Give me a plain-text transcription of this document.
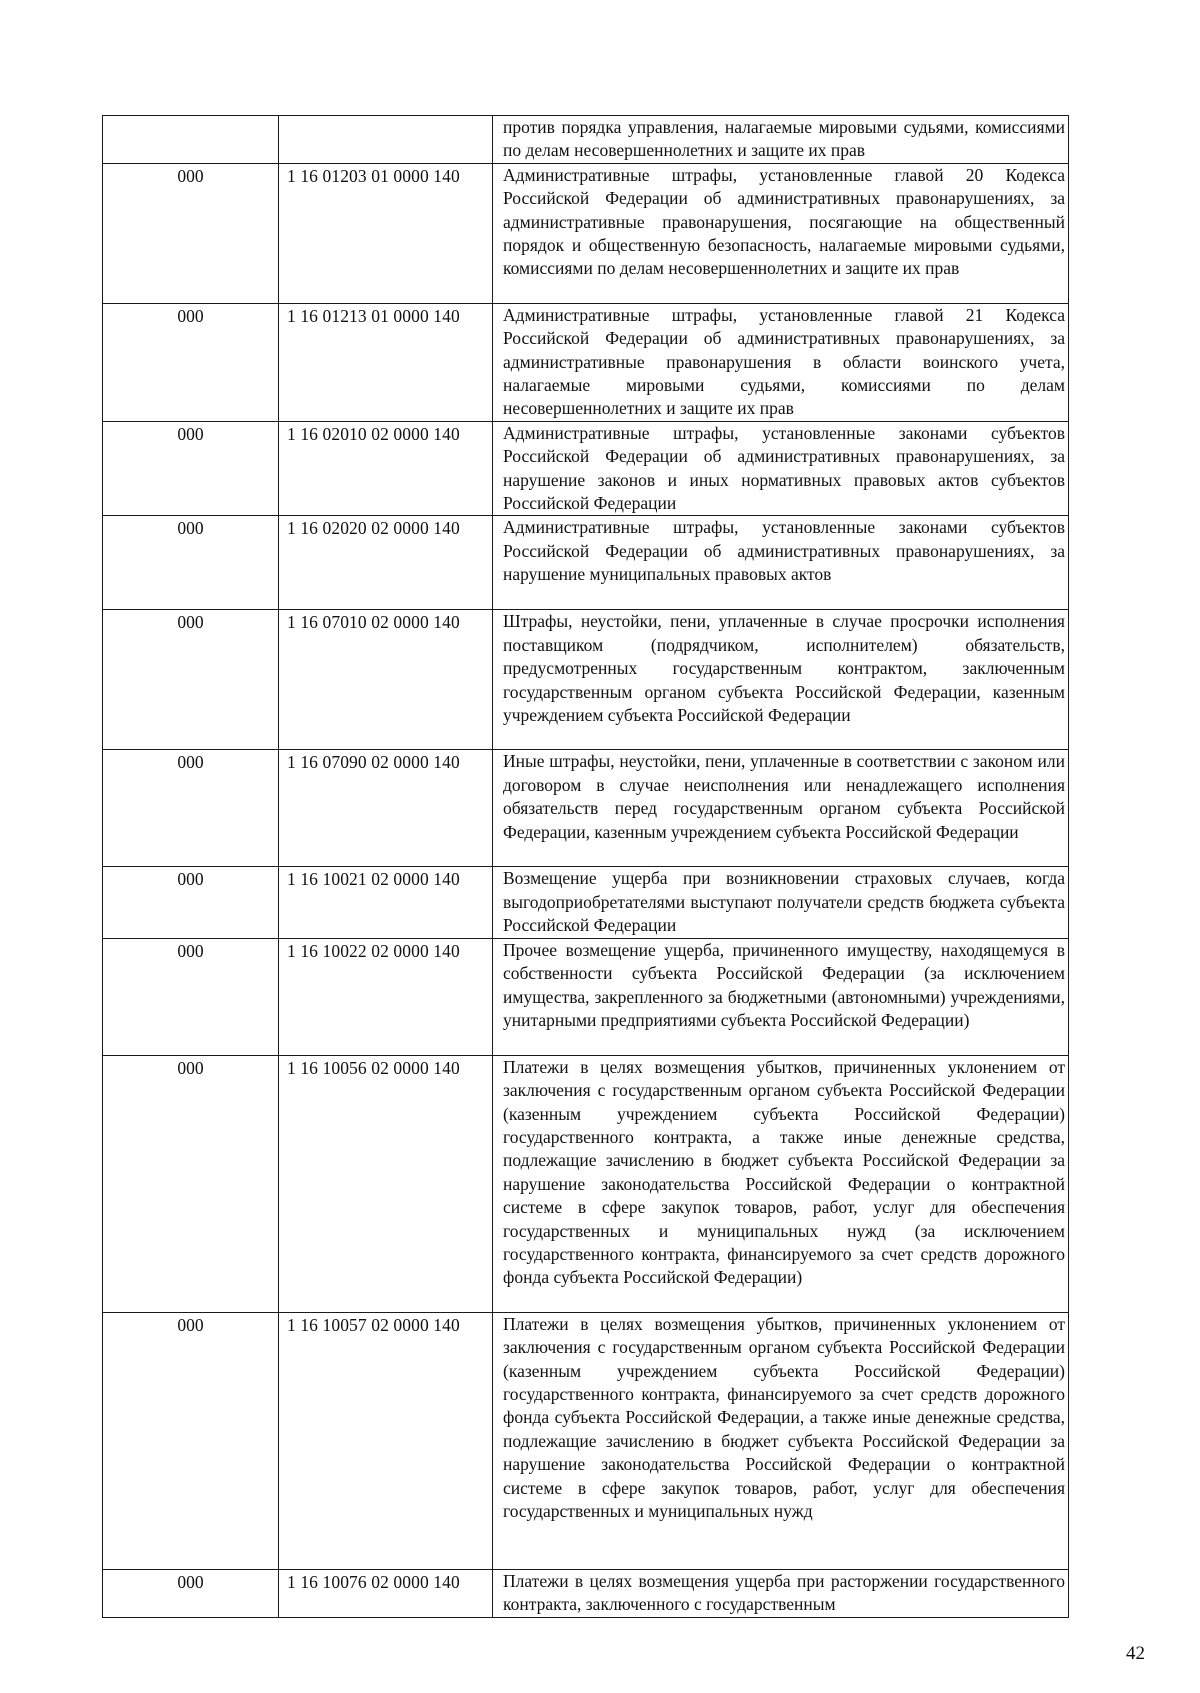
		против порядка управления, налагаемые мировыми судьями, комиссиями по делам несовершеннолетних и защите их прав
000	1 16 01203 01 0000 140	Административные штрафы, установленные главой 20 Кодекса Российской Федерации об административных правонарушениях, за административные правонарушения, посягающие на общественный порядок и общественную безопасность, налагаемые мировыми судьями, комиссиями по делам несовершеннолетних и защите их прав
000	1 16 01213 01 0000 140	Административные штрафы, установленные главой 21 Кодекса Российской Федерации об административных правонарушениях, за административные правонарушения в области воинского учета, налагаемые мировыми судьями, комиссиями по делам несовершеннолетних и защите их прав
000	1 16 02010 02 0000 140	Административные штрафы, установленные законами субъектов Российской Федерации об административных правонарушениях, за нарушение законов и иных нормативных правовых актов субъектов Российской Федерации
000	1 16 02020 02 0000 140	Административные штрафы, установленные законами субъектов Российской Федерации об административных правонарушениях, за нарушение муниципальных правовых актов
000	1 16 07010 02 0000 140	Штрафы, неустойки, пени, уплаченные в случае просрочки исполнения поставщиком (подрядчиком, исполнителем) обязательств, предусмотренных государственным контрактом, заключенным государственным органом субъекта Российской Федерации, казенным учреждением субъекта Российской Федерации
000	1 16 07090 02 0000 140	Иные штрафы, неустойки, пени, уплаченные в соответствии с законом или договором в случае неисполнения или ненадлежащего исполнения обязательств перед государственным органом субъекта Российской Федерации, казенным учреждением субъекта Российской Федерации
000	1 16 10021 02 0000 140	Возмещение ущерба при возникновении страховых случаев, когда выгодоприобретателями выступают получатели средств бюджета субъекта Российской Федерации
000	1 16 10022 02 0000 140	Прочее возмещение ущерба, причиненного имуществу, находящемуся в собственности субъекта Российской Федерации (за исключением имущества, закрепленного за бюджетными (автономными) учреждениями, унитарными предприятиями субъекта Российской Федерации)
000	1 16 10056 02 0000 140	Платежи в целях возмещения убытков, причиненных уклонением от заключения с государственным органом субъекта Российской Федерации (казенным учреждением субъекта Российской Федерации) государственного контракта, а также иные денежные средства, подлежащие зачислению в бюджет субъекта Российской Федерации за нарушение законодательства Российской Федерации о контрактной системе в сфере закупок товаров, работ, услуг для обеспечения государственных и муниципальных нужд (за исключением государственного контракта, финансируемого за счет средств дорожного фонда субъекта Российской Федерации)
000	1 16 10057 02 0000 140	Платежи в целях возмещения убытков, причиненных уклонением от заключения с государственным органом субъекта Российской Федерации (казенным учреждением субъекта Российской Федерации) государственного контракта, финансируемого за счет средств дорожного фонда субъекта Российской Федерации, а также иные денежные средства, подлежащие зачислению в бюджет субъекта Российской Федерации за нарушение законодательства Российской Федерации о контрактной системе в сфере закупок товаров, работ, услуг для обеспечения государственных и муниципальных нужд
000	1 16 10076 02 0000 140	Платежи в целях возмещения ущерба при расторжении государственного контракта, заключенного с государственным
42
